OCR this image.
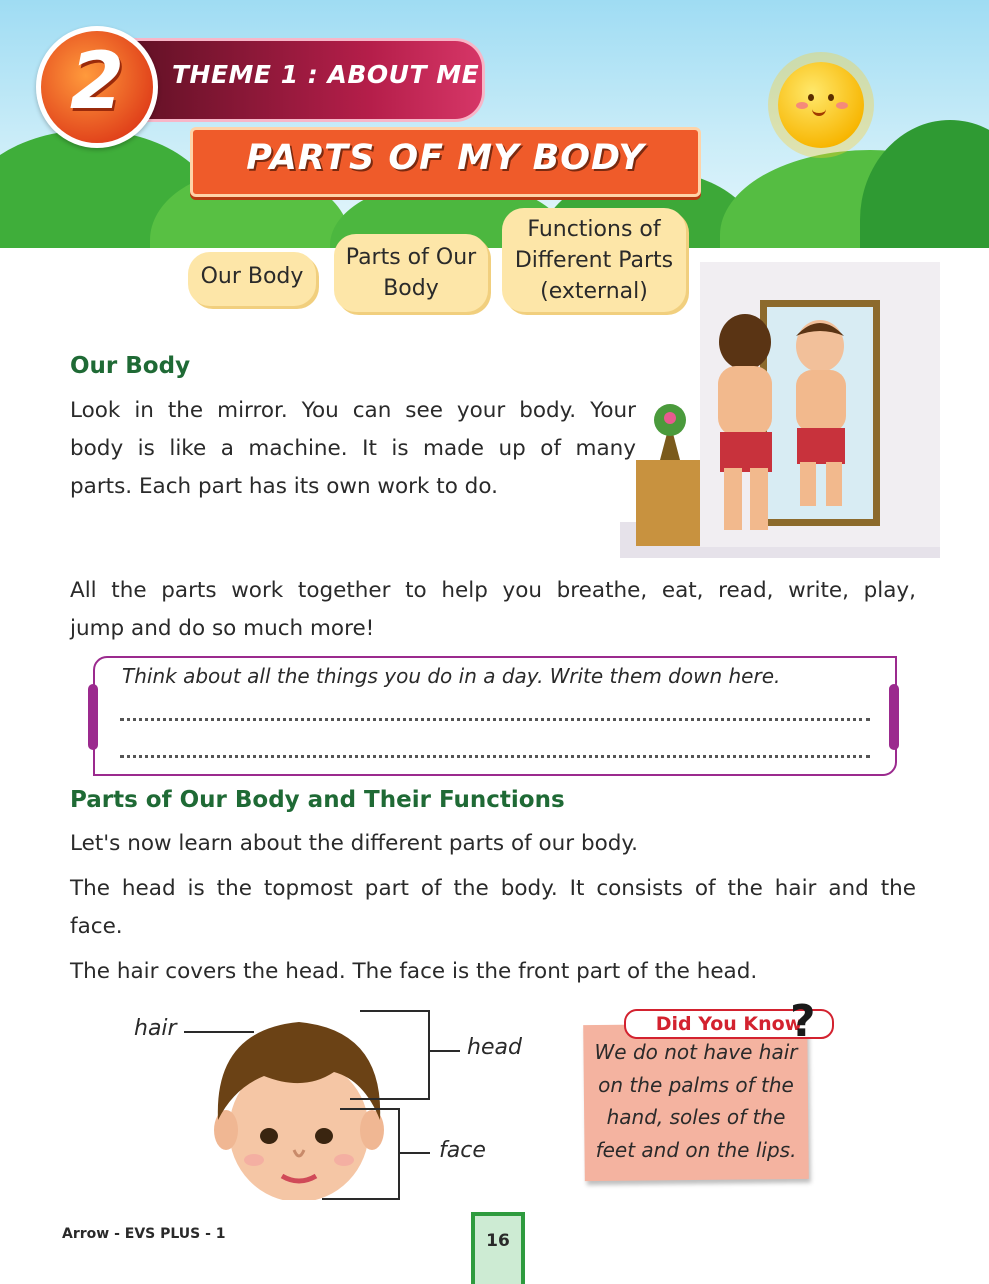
2	THEME 1 : ABOUT ME
PARTS OF MY BODY
Our Body
Parts of Our Body
Functions of Different Parts (external)
Our Body
Look in the mirror. You can see your body. Your
body is like a machine. It is made up of many
parts. Each part has its own work to do.
All the parts work together to help you breathe, eat, read, write, play,
jump and do so much more!
Think about all the things you do in a day. Write them down here.
Parts of Our Body and Their Functions
Let's now learn about the different parts of our body.
The head is the topmost part of the body. It consists of the hair and the
face.
The hair covers the head. The face is the front part of the head.
hair
head
face
Did You Know
?
We do not have hair
on the palms of the
hand, soles of the
feet and on the lips.
Arrow - EVS PLUS - 1	16
